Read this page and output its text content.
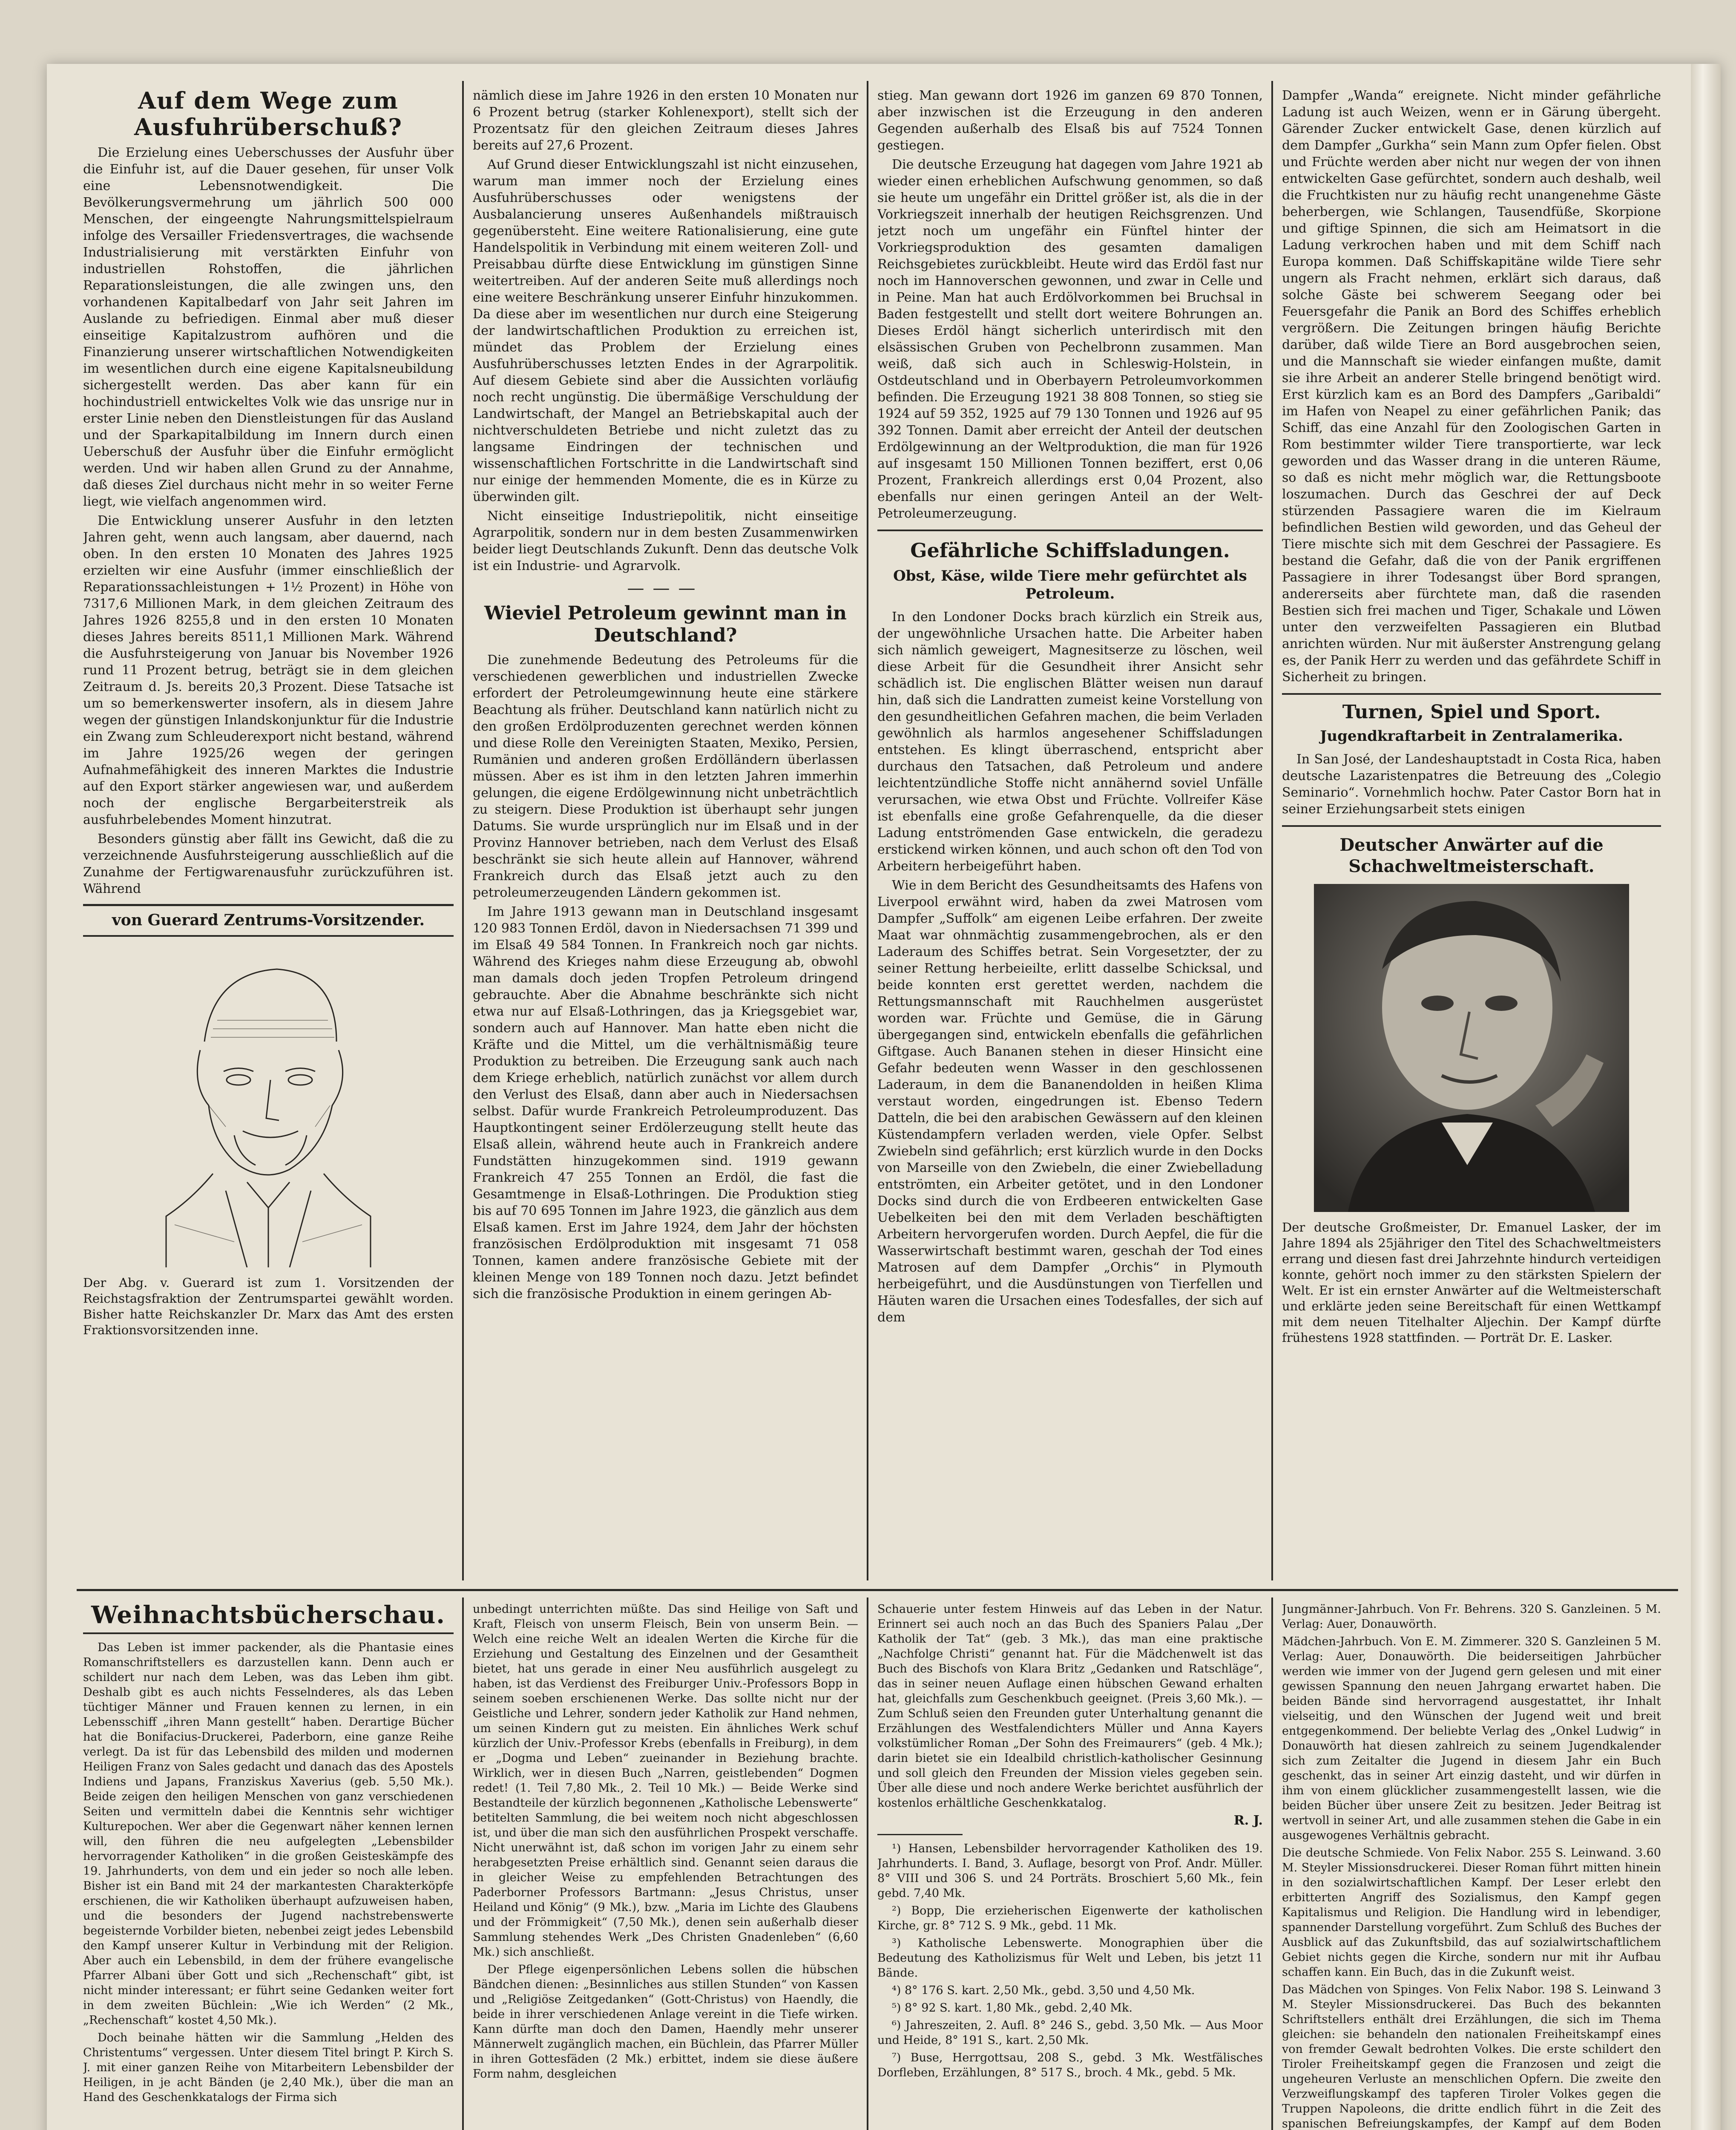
Auf dem Wege zum Ausfuhrüberschuß?

Die Erzielung eines Ueberschusses der Ausfuhr über die Einfuhr ist, auf die Dauer gesehen, für unser Volk eine Lebensnotwendigkeit. Die Bevölkerungsvermehrung um jährlich 500 000 Menschen, der eingeengte Nahrungsmittelspielraum infolge des Versailler Friedensvertrages, die wachsende Industrialisierung mit verstärkten Einfuhr von industriellen Rohstoffen, die jährlichen Reparationsleistungen, die alle zwingen uns, den vorhandenen Kapitalbedarf von Jahr seit Jahren im Auslande zu befriedigen. Einmal aber muß dieser einseitige Kapitalzustrom aufhören und die Finanzierung unserer wirtschaftlichen Notwendigkeiten im wesentlichen durch eine eigene Kapitalsneubildung sichergestellt werden. Das aber kann für ein hochindustriell entwickeltes Volk wie das unsrige nur in erster Linie neben den Dienstleistungen für das Ausland und der Sparkapitalbildung im Innern durch einen Ueberschuß der Ausfuhr über die Einfuhr ermöglicht werden. Und wir haben allen Grund zu der Annahme, daß dieses Ziel durchaus nicht mehr in so weiter Ferne liegt, wie vielfach angenommen wird.

Die Entwicklung unserer Ausfuhr in den letzten Jahren geht, wenn auch langsam, aber dauernd, nach oben. In den ersten 10 Monaten des Jahres 1925 erzielten wir eine Ausfuhr (immer einschließlich der Reparationssachleistungen + 1½ Prozent) in Höhe von 7317,6 Millionen Mark, in dem gleichen Zeitraum des Jahres 1926 8255,8 und in den ersten 10 Monaten dieses Jahres bereits 8511,1 Millionen Mark. Während die Ausfuhrsteigerung von Januar bis November 1926 rund 11 Prozent betrug, beträgt sie in dem gleichen Zeitraum d. Js. bereits 20,3 Prozent. Diese Tatsache ist um so bemerkenswerter insofern, als in diesem Jahre wegen der günstigen Inlandskonjunktur für die Industrie ein Zwang zum Schleuderexport nicht bestand, während im Jahre 1925/26 wegen der geringen Aufnahmefähigkeit des inneren Marktes die Industrie auf den Export stärker angewiesen war, und außerdem noch der englische Bergarbeiterstreik als ausfuhrbelebendes Moment hinzutrat.

Besonders günstig aber fällt ins Gewicht, daß die zu verzeichnende Ausfuhrsteigerung ausschließlich auf die Zunahme der Fertigwarenausfuhr zurückzuführen ist. Während

von Guerard Zentrums-Vorsitzender.
Der Abg. v. Guerard ist zum 1. Vorsitzenden der Reichstagsfraktion der Zentrumspartei gewählt worden. Bisher hatte Reichskanzler Dr. Marx das Amt des ersten Fraktionsvorsitzenden inne.

nämlich diese im Jahre 1926 in den ersten 10 Monaten nur 6 Prozent betrug (starker Kohlenexport), stellt sich der Prozentsatz für den gleichen Zeitraum dieses Jahres bereits auf 27,6 Prozent.

Auf Grund dieser Entwicklungszahl ist nicht einzusehen, warum man immer noch der Erzielung eines Ausfuhrüberschusses oder wenigstens der Ausbalancierung unseres Außenhandels mißtrauisch gegenübersteht. Eine weitere Rationalisierung, eine gute Handelspolitik in Verbindung mit einem weiteren Zoll- und Preisabbau dürfte diese Entwicklung im günstigen Sinne weitertreiben. Auf der anderen Seite muß allerdings noch eine weitere Beschränkung unserer Einfuhr hinzukommen. Da diese aber im wesentlichen nur durch eine Steigerung der landwirtschaftlichen Produktion zu erreichen ist, mündet das Problem der Erzielung eines Ausfuhrüberschusses letzten Endes in der Agrarpolitik. Auf diesem Gebiete sind aber die Aussichten vorläufig noch recht ungünstig. Die übermäßige Verschuldung der Landwirtschaft, der Mangel an Betriebskapital auch der nichtverschuldeten Betriebe und nicht zuletzt das zu langsame Eindringen der technischen und wissenschaftlichen Fortschritte in die Landwirtschaft sind nur einige der hemmenden Momente, die es in Kürze zu überwinden gilt.

Nicht einseitige Industriepolitik, nicht einseitige Agrarpolitik, sondern nur in dem besten Zusammenwirken beider liegt Deutschlands Zukunft. Denn das deutsche Volk ist ein Industrie- und Agrarvolk.

———
Wieviel Petroleum gewinnt man in Deutschland?

Die zunehmende Bedeutung des Petroleums für die verschiedenen gewerblichen und industriellen Zwecke erfordert der Petroleumgewinnung heute eine stärkere Beachtung als früher. Deutschland kann natürlich nicht zu den großen Erdölproduzenten gerechnet werden können und diese Rolle den Vereinigten Staaten, Mexiko, Persien, Rumänien und anderen großen Erdölländern überlassen müssen. Aber es ist ihm in den letzten Jahren immerhin gelungen, die eigene Erdölgewinnung nicht unbeträchtlich zu steigern. Diese Produktion ist überhaupt sehr jungen Datums. Sie wurde ursprünglich nur im Elsaß und in der Provinz Hannover betrieben, nach dem Verlust des Elsaß beschränkt sie sich heute allein auf Hannover, während Frankreich durch das Elsaß jetzt auch zu den petroleumerzeugenden Ländern gekommen ist.

Im Jahre 1913 gewann man in Deutschland insgesamt 120 983 Tonnen Erdöl, davon in Niedersachsen 71 399 und im Elsaß 49 584 Tonnen. In Frankreich noch gar nichts. Während des Krieges nahm diese Erzeugung ab, obwohl man damals doch jeden Tropfen Petroleum dringend gebrauchte. Aber die Abnahme beschränkte sich nicht etwa nur auf Elsaß-Lothringen, das ja Kriegsgebiet war, sondern auch auf Hannover. Man hatte eben nicht die Kräfte und die Mittel, um die verhältnismäßig teure Produktion zu betreiben. Die Erzeugung sank auch nach dem Kriege erheblich, natürlich zunächst vor allem durch den Verlust des Elsaß, dann aber auch in Niedersachsen selbst. Dafür wurde Frankreich Petroleumproduzent. Das Hauptkontingent seiner Erdölerzeugung stellt heute das Elsaß allein, während heute auch in Frankreich andere Fundstätten hinzugekommen sind. 1919 gewann Frankreich 47 255 Tonnen an Erdöl, die fast die Gesamtmenge in Elsaß-Lothringen. Die Produktion stieg bis auf 70 695 Tonnen im Jahre 1923, die gänzlich aus dem Elsaß kamen. Erst im Jahre 1924, dem Jahr der höchsten französischen Erdölproduktion mit insgesamt 71 058 Tonnen, kamen andere französische Gebiete mit der kleinen Menge von 189 Tonnen noch dazu. Jetzt befindet sich die französische Produktion in einem geringen Ab-

stieg. Man gewann dort 1926 im ganzen 69 870 Tonnen, aber inzwischen ist die Erzeugung in den anderen Gegenden außerhalb des Elsaß bis auf 7524 Tonnen gestiegen.

Die deutsche Erzeugung hat dagegen vom Jahre 1921 ab wieder einen erheblichen Aufschwung genommen, so daß sie heute um ungefähr ein Drittel größer ist, als die in der Vorkriegszeit innerhalb der heutigen Reichsgrenzen. Und jetzt noch um ungefähr ein Fünftel hinter der Vorkriegsproduktion des gesamten damaligen Reichsgebietes zurückbleibt. Heute wird das Erdöl fast nur noch im Hannoverschen gewonnen, und zwar in Celle und in Peine. Man hat auch Erdölvorkommen bei Bruchsal in Baden festgestellt und stellt dort weitere Bohrungen an. Dieses Erdöl hängt sicherlich unterirdisch mit den elsässischen Gruben von Pechelbronn zusammen. Man weiß, daß sich auch in Schleswig-Holstein, in Ostdeutschland und in Oberbayern Petroleumvorkommen befinden. Die Erzeugung 1921 38 808 Tonnen, so stieg sie 1924 auf 59 352, 1925 auf 79 130 Tonnen und 1926 auf 95 392 Tonnen. Damit aber erreicht der Anteil der deutschen Erdölgewinnung an der Weltproduktion, die man für 1926 auf insgesamt 150 Millionen Tonnen beziffert, erst 0,06 Prozent, Frankreich allerdings erst 0,04 Prozent, also ebenfalls nur einen geringen Anteil an der Welt-Petroleumerzeugung.

Gefährliche Schiffsladungen.
Obst, Käse, wilde Tiere mehr gefürchtet als Petroleum.

In den Londoner Docks brach kürzlich ein Streik aus, der ungewöhnliche Ursachen hatte. Die Arbeiter haben sich nämlich geweigert, Magnesitserze zu löschen, weil diese Arbeit für die Gesundheit ihrer Ansicht sehr schädlich ist. Die englischen Blätter weisen nun darauf hin, daß sich die Landratten zumeist keine Vorstellung von den gesundheitlichen Gefahren machen, die beim Verladen gewöhnlich als harmlos angesehener Schiffsladungen entstehen. Es klingt überraschend, entspricht aber durchaus den Tatsachen, daß Petroleum und andere leichtentzündliche Stoffe nicht annähernd soviel Unfälle verursachen, wie etwa Obst und Früchte. Vollreifer Käse ist ebenfalls eine große Gefahrenquelle, da die dieser Ladung entströmenden Gase entwickeln, die geradezu erstickend wirken können, und auch schon oft den Tod von Arbeitern herbeigeführt haben.

Wie in dem Bericht des Gesundheitsamts des Hafens von Liverpool erwähnt wird, haben da zwei Matrosen vom Dampfer „Suffolk“ am eigenen Leibe erfahren. Der zweite Maat war ohnmächtig zusammengebrochen, als er den Laderaum des Schiffes betrat. Sein Vorgesetzter, der zu seiner Rettung herbeieilte, erlitt dasselbe Schicksal, und beide konnten erst gerettet werden, nachdem die Rettungsmannschaft mit Rauchhelmen ausgerüstet worden war. Früchte und Gemüse, die in Gärung übergegangen sind, entwickeln ebenfalls die gefährlichen Giftgase. Auch Bananen stehen in dieser Hinsicht eine Gefahr bedeuten wenn Wasser in den geschlossenen Laderaum, in dem die Bananendolden in heißen Klima verstaut worden, eingedrungen ist. Ebenso Tedern Datteln, die bei den arabischen Gewässern auf den kleinen Küstendampfern verladen werden, viele Opfer. Selbst Zwiebeln sind gefährlich; erst kürzlich wurde in den Docks von Marseille von den Zwiebeln, die einer Zwiebelladung entströmten, ein Arbeiter getötet, und in den Londoner Docks sind durch die von Erdbeeren entwickelten Gase Uebelkeiten bei den mit dem Verladen beschäftigten Arbeitern hervorgerufen worden. Durch Aepfel, die für die Wasserwirtschaft bestimmt waren, geschah der Tod eines Matrosen auf dem Dampfer „Orchis“ in Plymouth herbeigeführt, und die Ausdünstungen von Tierfellen und Häuten waren die Ursachen eines Todesfalles, der sich auf dem

Dampfer „Wanda“ ereignete. Nicht minder gefährliche Ladung ist auch Weizen, wenn er in Gärung übergeht. Gärender Zucker entwickelt Gase, denen kürzlich auf dem Dampfer „Gurkha“ sein Mann zum Opfer fielen. Obst und Früchte werden aber nicht nur wegen der von ihnen entwickelten Gase gefürchtet, sondern auch deshalb, weil die Fruchtkisten nur zu häufig recht unangenehme Gäste beherbergen, wie Schlangen, Tausendfüße, Skorpione und giftige Spinnen, die sich am Heimatsort in die Ladung verkrochen haben und mit dem Schiff nach Europa kommen. Daß Schiffskapitäne wilde Tiere sehr ungern als Fracht nehmen, erklärt sich daraus, daß solche Gäste bei schwerem Seegang oder bei Feuersgefahr die Panik an Bord des Schiffes erheblich vergrößern. Die Zeitungen bringen häufig Berichte darüber, daß wilde Tiere an Bord ausgebrochen seien, und die Mannschaft sie wieder einfangen mußte, damit sie ihre Arbeit an anderer Stelle bringend benötigt wird. Erst kürzlich kam es an Bord des Dampfers „Garibaldi“ im Hafen von Neapel zu einer gefährlichen Panik; das Schiff, das eine Anzahl für den Zoologischen Garten in Rom bestimmter wilder Tiere transportierte, war leck geworden und das Wasser drang in die unteren Räume, so daß es nicht mehr möglich war, die Rettungsboote loszumachen. Durch das Geschrei der auf Deck stürzenden Passagiere waren die im Kielraum befindlichen Bestien wild geworden, und das Geheul der Tiere mischte sich mit dem Geschrei der Passagiere. Es bestand die Gefahr, daß die von der Panik ergriffenen Passagiere in ihrer Todesangst über Bord sprangen, andererseits aber fürchtete man, daß die rasenden Bestien sich frei machen und Tiger, Schakale und Löwen unter den verzweifelten Passagieren ein Blutbad anrichten würden. Nur mit äußerster Anstrengung gelang es, der Panik Herr zu werden und das gefährdete Schiff in Sicherheit zu bringen.

Turnen, Spiel und Sport.
Jugendkraftarbeit in Zentralamerika.

In San José, der Landeshauptstadt in Costa Rica, haben deutsche Lazaristenpatres die Betreuung des „Colegio Seminario“. Vornehmlich hochw. Pater Castor Born hat in seiner Erziehungsarbeit stets einigen

Deutscher Anwärter auf die Schachweltmeisterschaft.
Der deutsche Großmeister, Dr. Emanuel Lasker, der im Jahre 1894 als 25jähriger den Titel des Schachweltmeisters errang und diesen fast drei Jahrzehnte hindurch verteidigen konnte, gehört noch immer zu den stärksten Spielern der Welt. Er ist ein ernster Anwärter auf die Weltmeisterschaft und erklärte jeden seine Bereitschaft für einen Wettkampf mit dem neuen Titelhalter Aljechin. Der Kampf dürfte frühestens 1928 stattfinden. — Porträt Dr. E. Lasker.
Weihnachtsbücherschau.

Das Leben ist immer packender, als die Phantasie eines Romanschriftstellers es darzustellen kann. Denn auch er schildert nur nach dem Leben, was das Leben ihm gibt. Deshalb gibt es auch nichts Fesselnderes, als das Leben tüchtiger Männer und Frauen kennen zu lernen, in ein Lebensschiff „ihren Mann gestellt“ haben. Derartige Bücher hat die Bonifacius-Druckerei, Paderborn, eine ganze Reihe verlegt. Da ist für das Lebensbild des milden und modernen Heiligen Franz von Sales gedacht und danach das des Apostels Indiens und Japans, Franziskus Xaverius (geb. 5,50 Mk.). Beide zeigen den heiligen Menschen von ganz verschiedenen Seiten und vermitteln dabei die Kenntnis sehr wichtiger Kulturepochen. Wer aber die Gegenwart näher kennen lernen will, den führen die neu aufgelegten „Lebensbilder hervorragender Katholiken“ in die großen Geisteskämpfe des 19. Jahrhunderts, von dem und ein jeder so noch alle leben. Bisher ist ein Band mit 24 der markantesten Charakterköpfe erschienen, die wir Katholiken überhaupt aufzuweisen haben, und die besonders der Jugend nachstrebenswerte begeisternde Vorbilder bieten, nebenbei zeigt jedes Lebensbild den Kampf unserer Kultur in Verbindung mit der Religion. Aber auch ein Lebensbild, in dem der frühere evangelische Pfarrer Albani über Gott und sich „Rechenschaft“ gibt, ist nicht minder interessant; er führt seine Gedanken weiter fort in dem zweiten Büchlein: „Wie ich Werden“ (2 Mk., „Rechenschaft“ kostet 4,50 Mk.).

Doch beinahe hätten wir die Sammlung „Helden des Christentums“ vergessen. Unter diesem Titel bringt P. Kirch S. J. mit einer ganzen Reihe von Mitarbeitern Lebensbilder der Heiligen, in je acht Bänden (je 2,40 Mk.), über die man an Hand des Geschenkkatalogs der Firma sich

unbedingt unterrichten müßte. Das sind Heilige von Saft und Kraft, Fleisch von unserm Fleisch, Bein von unserm Bein. — Welch eine reiche Welt an idealen Werten die Kirche für die Erziehung und Gestaltung des Einzelnen und der Gesamtheit bietet, hat uns gerade in einer Neu ausführlich ausgelegt zu haben, ist das Verdienst des Freiburger Univ.-Professors Bopp in seinem soeben erschienenen Werke. Das sollte nicht nur der Geistliche und Lehrer, sondern jeder Katholik zur Hand nehmen, um seinen Kindern gut zu meisten. Ein ähnliches Werk schuf kürzlich der Univ.-Professor Krebs (ebenfalls in Freiburg), in dem er „Dogma und Leben“ zueinander in Beziehung brachte. Wirklich, wer in diesen Buch „Narren, geistlebenden“ Dogmen redet! (1. Teil 7,80 Mk., 2. Teil 10 Mk.) — Beide Werke sind Bestandteile der kürzlich begonnenen „Katholische Lebenswerte“ betitelten Sammlung, die bei weitem noch nicht abgeschlossen ist, und über die man sich den ausführlichen Prospekt verschaffe. Nicht unerwähnt ist, daß schon im vorigen Jahr zu einem sehr herabgesetzten Preise erhältlich sind. Genannt seien daraus die in gleicher Weise zu empfehlenden Betrachtungen des Paderborner Professors Bartmann: „Jesus Christus, unser Heiland und König“ (9 Mk.), bzw. „Maria im Lichte des Glaubens und der Frömmigkeit“ (7,50 Mk.), denen sein außerhalb dieser Sammlung stehendes Werk „Des Christen Gnadenleben“ (6,60 Mk.) sich anschließt.

Der Pflege eigenpersönlichen Lebens sollen die hübschen Bändchen dienen: „Besinnliches aus stillen Stunden“ von Kassen und „Religiöse Zeitgedanken“ (Gott-Christus) von Haendly, die beide in ihrer verschiedenen Anlage vereint in die Tiefe wirken. Kann dürfte man doch den Damen, Haendly mehr unserer Männerwelt zugänglich machen, ein Büchlein, das Pfarrer Müller in ihren Gottesfäden (2 Mk.) erbittet, indem sie diese äußere Form nahm, desgleichen

Schauerie unter festem Hinweis auf das Leben in der Natur. Erinnert sei auch noch an das Buch des Spaniers Palau „Der Katholik der Tat“ (geb. 3 Mk.), das man eine praktische „Nachfolge Christi“ genannt hat. Für die Mädchenwelt ist das Buch des Bischofs von Klara Britz „Gedanken und Ratschläge“, das in seiner neuen Auflage einen hübschen Gewand erhalten hat, gleichfalls zum Geschenkbuch geeignet. (Preis 3,60 Mk.). — Zum Schluß seien den Freunden guter Unterhaltung genannt die Erzählungen des Westfalendichters Müller und Anna Kayers volkstümlicher Roman „Der Sohn des Freimaurers“ (geb. 4 Mk.); darin bietet sie ein Idealbild christlich-katholischer Gesinnung und soll gleich den Freunden der Mission vieles gegeben sein. Über alle diese und noch andere Werke berichtet ausführlich der kostenlos erhältliche Geschenkkatalog.

R. J.

¹) Hansen, Lebensbilder hervorragender Katholiken des 19. Jahrhunderts. I. Band, 3. Auflage, besorgt von Prof. Andr. Müller. 8° VIII und 306 S. und 24 Porträts. Broschiert 5,60 Mk., fein gebd. 7,40 Mk.

²) Bopp, Die erzieherischen Eigenwerte der katholischen Kirche, gr. 8° 712 S. 9 Mk., gebd. 11 Mk.

³) Katholische Lebenswerte. Monographien über die Bedeutung des Katholizismus für Welt und Leben, bis jetzt 11 Bände.

⁴) 8° 176 S. kart. 2,50 Mk., gebd. 3,50 und 4,50 Mk.

⁵) 8° 92 S. kart. 1,80 Mk., gebd. 2,40 Mk.

⁶) Jahreszeiten, 2. Aufl. 8° 246 S., gebd. 3,50 Mk. — Aus Moor und Heide, 8° 191 S., kart. 2,50 Mk.

⁷) Buse, Herrgottsau, 208 S., gebd. 3 Mk. Westfälisches Dorfleben, Erzählungen, 8° 517 S., broch. 4 Mk., gebd. 5 Mk.

Jungmänner-Jahrbuch. Von Fr. Behrens. 320 S. Ganzleinen. 5 M. Verlag: Auer, Donauwörth.

Mädchen-Jahrbuch. Von E. M. Zimmerer. 320 S. Ganzleinen 5 M. Verlag: Auer, Donauwörth. Die beiderseitigen Jahrbücher werden wie immer von der Jugend gern gelesen und mit einer gewissen Spannung den neuen Jahrgang erwartet haben. Die beiden Bände sind hervorragend ausgestattet, ihr Inhalt vielseitig, und den Wünschen der Jugend weit und breit entgegenkommend. Der beliebte Verlag des „Onkel Ludwig“ in Donauwörth hat diesen zahlreich zu seinem Jugendkalender sich zum Zeitalter die Jugend in diesem Jahr ein Buch geschenkt, das in seiner Art einzig dasteht, und wir dürfen in ihm von einem glücklicher zusammengestellt lassen, wie die beiden Bücher über unsere Zeit zu besitzen. Jeder Beitrag ist wertvoll in seiner Art, und alle zusammen stehen die Gabe in ein ausgewogenes Verhältnis gebracht.

Die deutsche Schmiede. Von Felix Nabor. 255 S. Leinwand. 3.60 M. Steyler Missionsdruckerei. Dieser Roman führt mitten hinein in den sozialwirtschaftlichen Kampf. Der Leser erlebt den erbitterten Angriff des Sozialismus, den Kampf gegen Kapitalismus und Religion. Die Handlung wird in lebendiger, spannender Darstellung vorgeführt. Zum Schluß des Buches der Ausblick auf das Zukunftsbild, das auf sozialwirtschaftlichem Gebiet nichts gegen die Kirche, sondern nur mit ihr Aufbau schaffen kann. Ein Buch, das in die Zukunft weist.

Das Mädchen von Spinges. Von Felix Nabor. 198 S. Leinwand 3 M. Steyler Missionsdruckerei. Das Buch des bekannten Schriftstellers enthält drei Erzählungen, die sich im Thema gleichen: sie behandeln den nationalen Freiheitskampf eines von fremder Gewalt bedrohten Volkes. Die erste schildert den Tiroler Freiheitskampf gegen die Franzosen und zeigt die ungeheuren Verluste an menschlichen Opfern. Die zweite den Verzweiflungskampf des tapferen Tiroler Volkes gegen die Truppen Napoleons, die dritte endlich führt in die Zeit des spanischen Befreiungskampfes, der Kampf auf dem Boden
